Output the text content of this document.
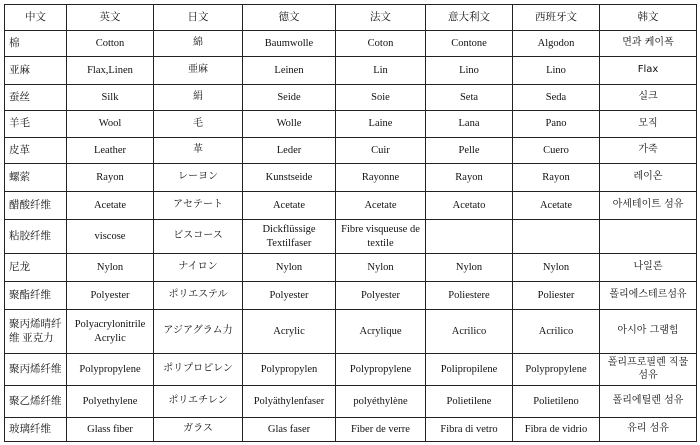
中文	英文	日文	德文	法文	意大利文	西班牙文	韩文
棉	Cotton	綿	Baumwolle	Coton	Contone	Algodon	면과 케이폭
亚麻	Flax,Linen	亜麻	Leinen	Lin	Lino	Lino	Flax
蚕丝	Silk	絹	Seide	Soie	Seta	Seda	실크
羊毛	Wool	毛	Wolle	Laine	Lana	Pano	모직
皮革	Leather	革	Leder	Cuir	Pelle	Cuero	가죽
螺萦	Rayon	レーヨン	Kunstseide	Rayonne	Rayon	Rayon	레이온
醋酸纤维	Acetate	アセテート	Acetate	Acetate	Acetato	Acetate	아세테이트 섬유
粘胶纤维	viscose	ビスコース	Dickflüssige Textilfaser	Fibre visqueuse de textile			
尼龙	Nylon	ナイロン	Nylon	Nylon	Nylon	Nylon	나일론
聚酯纤维	Polyester	ポリエステル	Polyester	Polyester	Poliestere	Poliester	폴리에스테르섬유
聚丙烯晴纤维 亚克力	Polyacrylonitrile Acrylic	アジアグラム力	Acrylic	Acrylique	Acrilico	Acrilico	아시아 그램힘
聚丙烯纤维	Polypropylene	ポリプロピレン	Polypropylen	Polypropylene	Polipropilene	Polypropylene	폴리프로필렌 직물 섬유
聚乙烯纤维	Polyethylene	ポリエチレン	Polyäthylenfaser	polyéthylène	Polietilene	Polietileno	폴리에틸렌 섬유
玻璃纤维	Glass fiber	ガラス	Glas faser	Fiber de verre	Fibra di vetro	Fibra de vidrio	유리 섬유
